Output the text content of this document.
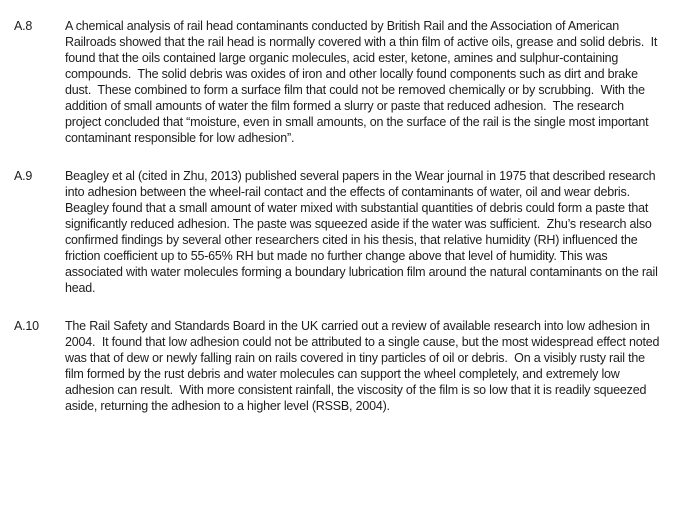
A.8	A chemical analysis of rail head contaminants conducted by British Rail and the Association of American Railroads showed that the rail head is normally covered with a thin film of active oils, grease and solid debris.  It found that the oils contained large organic molecules, acid ester, ketone, amines and sulphur-containing compounds.  The solid debris was oxides of iron and other locally found components such as dirt and brake dust.  These combined to form a surface film that could not be removed chemically or by scrubbing.  With the addition of small amounts of water the film formed a slurry or paste that reduced adhesion.  The research project concluded that “moisture, even in small amounts, on the surface of the rail is the single most important contaminant responsible for low adhesion”.
A.9	Beagley et al (cited in Zhu, 2013) published several papers in the Wear journal in 1975 that described research into adhesion between the wheel-rail contact and the effects of contaminants of water, oil and wear debris.  Beagley found that a small amount of water mixed with substantial quantities of debris could form a paste that significantly reduced adhesion. The paste was squeezed aside if the water was sufficient.  Zhu’s research also confirmed findings by several other researchers cited in his thesis, that relative humidity (RH) influenced the friction coefficient up to 55-65% RH but made no further change above that level of humidity. This was associated with water molecules forming a boundary lubrication film around the natural contaminants on the rail head.
A.10	The Rail Safety and Standards Board in the UK carried out a review of available research into low adhesion in 2004.  It found that low adhesion could not be attributed to a single cause, but the most widespread effect noted was that of dew or newly falling rain on rails covered in tiny particles of oil or debris.  On a visibly rusty rail the film formed by the rust debris and water molecules can support the wheel completely, and extremely low adhesion can result.  With more consistent rainfall, the viscosity of the film is so low that it is readily squeezed aside, returning the adhesion to a higher level (RSSB, 2004).
